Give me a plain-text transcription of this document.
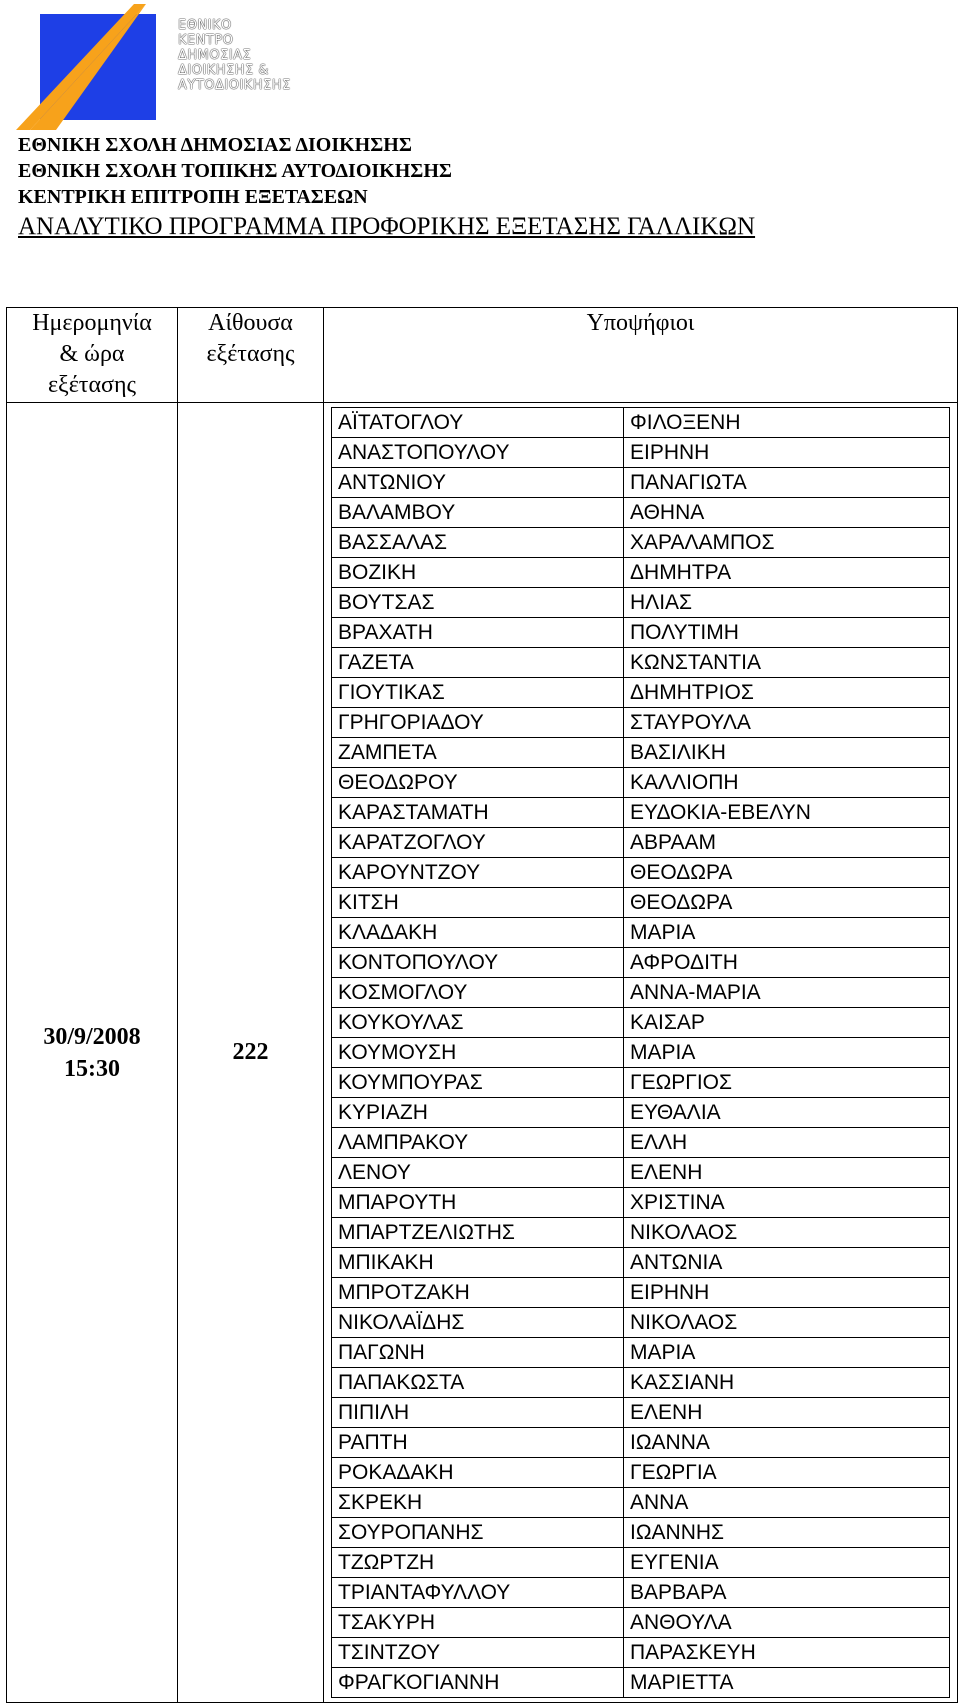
ΕΘΝΙΚΟ
ΚΕΝΤΡΟ
ΔΗΜΟΣΙΑΣ
ΔΙΟΙΚΗΣΗΣ &
ΑΥΤΟΔΙΟΙΚΗΣΗΣ
ΕΘΝΙΚΗ ΣΧΟΛΗ ΔΗΜΟΣΙΑΣ ΔΙΟΙΚΗΣΗΣ
ΕΘΝΙΚΗ ΣΧΟΛΗ ΤΟΠΙΚΗΣ ΑΥΤΟΔΙΟΙΚΗΣΗΣ
ΚΕΝΤΡΙΚΗ ΕΠΙΤΡΟΠΗ ΕΞΕΤΑΣΕΩΝ
ΑΝΑΛΥΤΙΚΟ ΠΡΟΓΡΑΜΜΑ ΠΡΟΦΟΡΙΚΗΣ ΕΞΕΤΑΣΗΣ ΓΑΛΛΙΚΩΝ
Ημερομηνία
& ώρα
εξέτασης

Αίθουσα
εξέτασης
	Υποψήφιοι

30/9/2008
15:30
	222	
ΑΪΤΑΤΟΓΛΟΥ	ΦΙΛΟΞΕΝΗ
ΑΝΑΣΤΟΠΟΥΛΟΥ	ΕΙΡΗΝΗ
ΑΝΤΩΝΙΟΥ	ΠΑΝΑΓΙΩΤΑ
ΒΑΛΑΜΒΟΥ	ΑΘΗΝΑ
ΒΑΣΣΑΛΑΣ	ΧΑΡΑΛΑΜΠΟΣ
ΒΟΖΙΚΗ	ΔΗΜΗΤΡΑ
ΒΟΥΤΣΑΣ	ΗΛΙΑΣ
ΒΡΑΧΑΤΗ	ΠΟΛΥΤΙΜΗ
ΓΑΖΕΤΑ	ΚΩΝΣΤΑΝΤΙΑ
ΓΙΟΥΤΙΚΑΣ	ΔΗΜΗΤΡΙΟΣ
ΓΡΗΓΟΡΙΑΔΟΥ	ΣΤΑΥΡΟΥΛΑ
ΖΑΜΠΕΤΑ	ΒΑΣΙΛΙΚΗ
ΘΕΟΔΩΡΟΥ	ΚΑΛΛΙΟΠΗ
ΚΑΡΑΣΤΑΜΑΤΗ	ΕΥΔΟΚΙΑ-ΕΒΕΛΥΝ
ΚΑΡΑΤΖΟΓΛΟΥ	ΑΒΡΑΑΜ
ΚΑΡΟΥΝΤΖΟΥ	ΘΕΟΔΩΡΑ
ΚΙΤΣΗ	ΘΕΟΔΩΡΑ
ΚΛΑΔΑΚΗ	ΜΑΡΙΑ
ΚΟΝΤΟΠΟΥΛΟΥ	ΑΦΡΟΔΙΤΗ
ΚΟΣΜΟΓΛΟΥ	ΑΝΝΑ-ΜΑΡΙΑ
ΚΟΥΚΟΥΛΑΣ	ΚΑΙΣΑΡ
ΚΟΥΜΟΥΣΗ	ΜΑΡΙΑ
ΚΟΥΜΠΟΥΡΑΣ	ΓΕΩΡΓΙΟΣ
ΚΥΡΙΑΖΗ	ΕΥΘΑΛΙΑ
ΛΑΜΠΡΑΚΟΥ	ΕΛΛΗ
ΛΕΝΟΥ	ΕΛΕΝΗ
ΜΠΑΡΟΥΤΗ	ΧΡΙΣΤΙΝΑ
ΜΠΑΡΤΖΕΛΙΩΤΗΣ	ΝΙΚΟΛΑΟΣ
ΜΠΙΚΑΚΗ	ΑΝΤΩΝΙΑ
ΜΠΡΟΤΖΑΚΗ	ΕΙΡΗΝΗ
ΝΙΚΟΛΑΪΔΗΣ	ΝΙΚΟΛΑΟΣ
ΠΑΓΩΝΗ	ΜΑΡΙΑ
ΠΑΠΑΚΩΣΤΑ	ΚΑΣΣΙΑΝΗ
ΠΙΠΙΛΗ	ΕΛΕΝΗ
ΡΑΠΤΗ	ΙΩΑΝΝΑ
ΡΟΚΑΔΑΚΗ	ΓΕΩΡΓΙΑ
ΣΚΡΕΚΗ	ΑΝΝΑ
ΣΟΥΡΟΠΑΝΗΣ	ΙΩΑΝΝΗΣ
ΤΖΩΡΤΖΗ	ΕΥΓΕΝΙΑ
ΤΡΙΑΝΤΑΦΥΛΛΟΥ	ΒΑΡΒΑΡΑ
ΤΣΑΚΥΡΗ	ΑΝΘΟΥΛΑ
ΤΣΙΝΤΖΟΥ	ΠΑΡΑΣΚΕΥΗ
ΦΡΑΓΚΟΓΙΑΝΝΗ	ΜΑΡΙΕΤΤΑ
